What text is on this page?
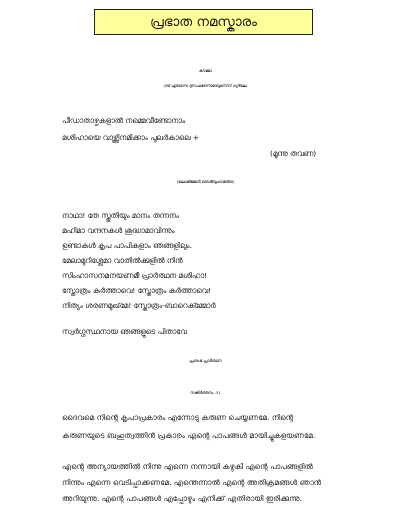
പ്രഭാത നമസ്കാരം
കൗമ്മാ
(ബ് എദാനൊ ദുസഫരേന്നാദേവുനെസ് ഗ്യദ്‌ലെ)
പീഡാതാഴ്ചകളാൽ നമ്മെവീണ്ടോനാം
മശിഹായെ വാഴ്ത്തിനമിക്കാം പുലർകാലെ +
(മൂന്നു തവണ)
(ലൊക്മ്മോർ തെശ്ബുഹാത്തോ)
നാഥാ! തേ സ്തുതിയും മാനം തന്നനം
മഹിമാ വന്ദനകൾ ശുദ്ധാമാവിന്നും
ഉണ്ടാകൾ കൃപ പാപികളാം ഞങ്ങളിലും.
മേലാമുറിശ്ലേമാ വാതിൽക്കുളിൽ നിൻ
സിംഹാസനമനയണമീ പ്രാർത്ഥന മശിഹാ!
സ്തോത്രം കർത്താവെ! സ്തോത്രം കർത്താവെ!
നിത്യം ശരണമുഖ്‌മേ! സ്തോത്രം-ബാറെക്മ്മോർ
സ്വർഗ്ഗസ്ഥനായ ഞങ്ങളുടെ പിതാവേ
പ്രാരംഭ പ്രാർത്ഥന
സങ്കീർത്തനം -51
ദൈവമെ നിന്റെ കൃപാപ്രകാരം എന്നോടു കരുണ ചെയ്യണമേ. നിന്റെ
കരുണയുടെ ബഹുത്വത്തിൻ പ്രകാരം എന്റെ പാപങ്ങൾ മായിച്ചുകളയണമേ.
എന്റെ അന്യായത്തിൽ നിന്നു എന്നെ നന്നായി കഴുകി എന്റെ പാപങ്ങളിൽ
നിന്നും എന്നെ വെടിപ്പാക്കണമേ. എന്തെന്നാൽ എന്റെ അതിക്രമങ്ങൾ ഞാൻ
അറിയുന്നു. എന്റെ പാപങ്ങൾ എപ്പോഴും എനിക്ക് എതിരായി ഇരിക്കുന്നു.
